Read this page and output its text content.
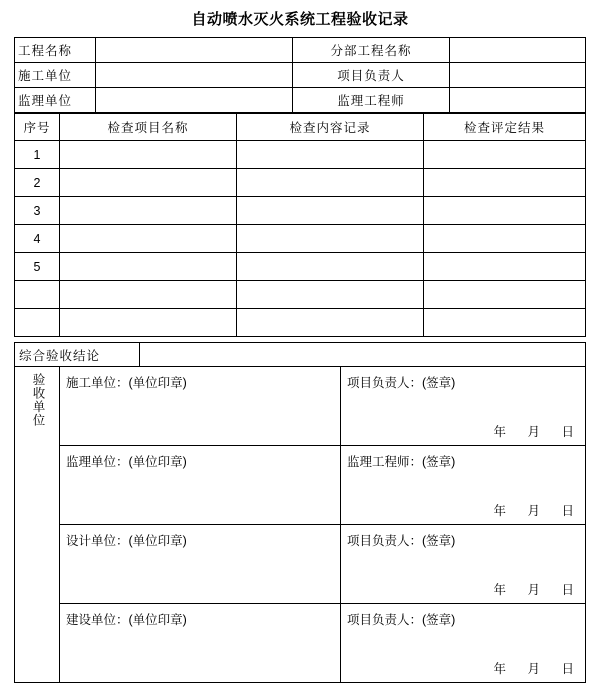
自动喷水灭火系统工程验收记录
工程名称		分部工程名称	
施工单位		项目负责人	
监理单位		监理工程师	
序号	检查项目名称	检查内容记录	检查评定结果
1			
2			
3			
4			
5			

综合验收结论
验收单位	施工单位：(单位印章)	项目负责人：(签章)
年 月 日

	监理单位：(单位印章)	监理工程师：(签章)
年 月 日

	设计单位：(单位印章)	项目负责人：(签章)
年 月 日

	建设单位：(单位印章)	项目负责人：(签章)
年 月 日
